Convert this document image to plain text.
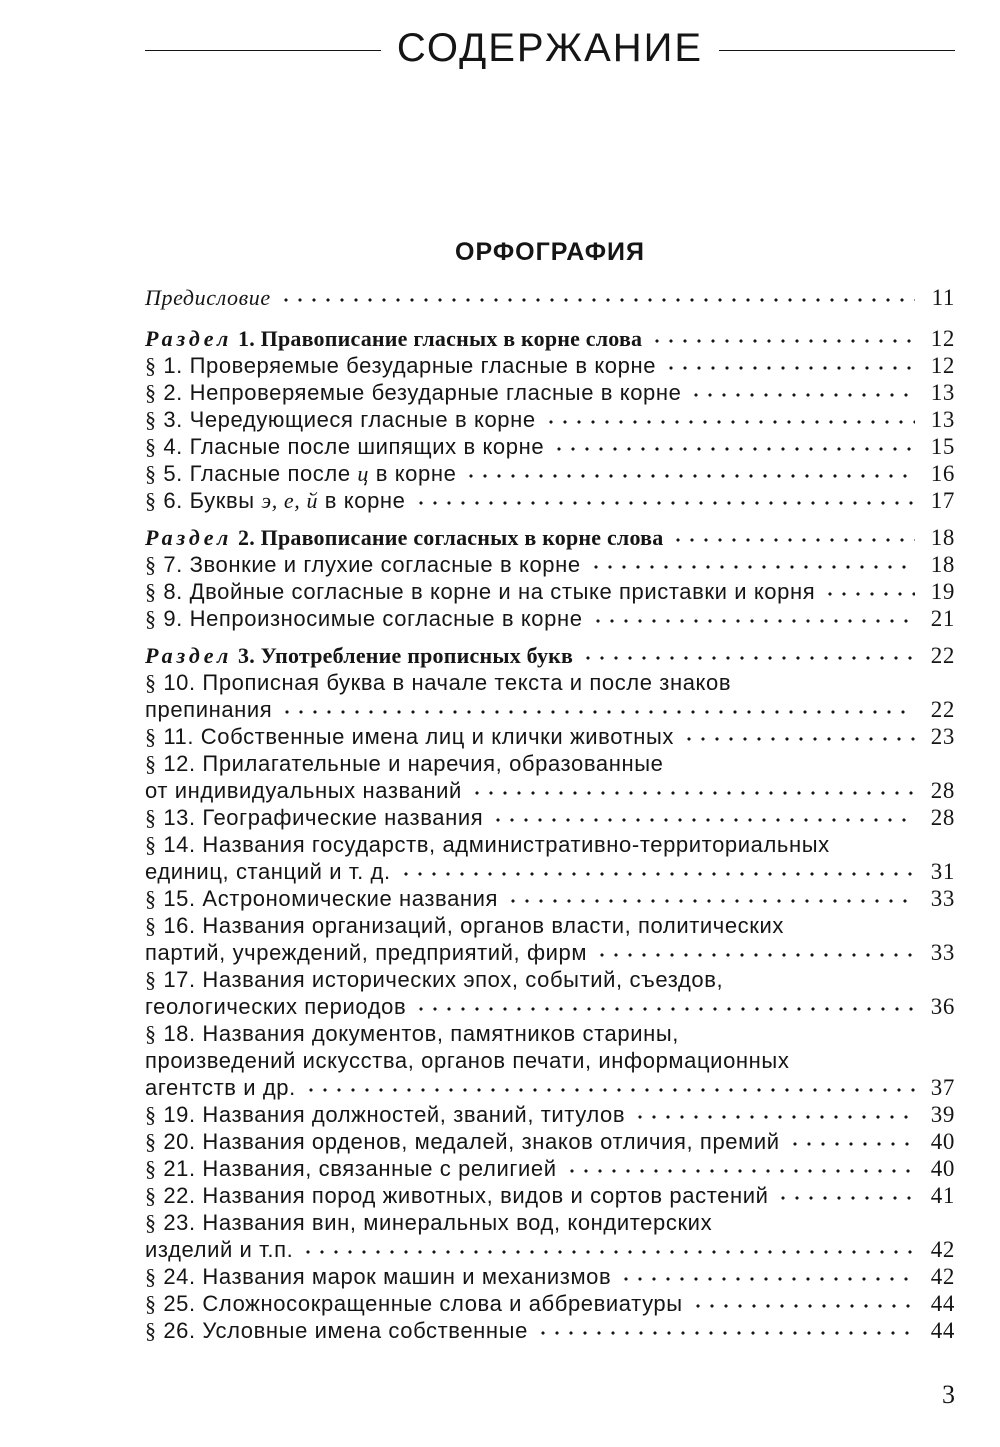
СОДЕРЖАНИЕ
ОРФОГРАФИЯ
Предисловие	11
Раздел 1. Правописание гласных в корне слова	12
§ 1. Проверяемые безударные гласные в корне	12
§ 2. Непроверяемые безударные гласные в корне	13
§ 3. Чередующиеся гласные в корне	13
§ 4. Гласные после шипящих в корне	15
§ 5. Гласные после ц в корне	16
§ 6. Буквы э, е, й в корне	17
Раздел 2. Правописание согласных в корне слова	18
§ 7. Звонкие и глухие согласные в корне	18
§ 8. Двойные согласные в корне и на стыке приставки и корня	19
§ 9. Непроизносимые согласные в корне	21
Раздел 3. Употребление прописных букв	22
§ 10. Прописная буква в начале текста и после знаков
препинания	22
§ 11. Собственные имена лиц и клички животных	23
§ 12. Прилагательные и наречия, образованные
от индивидуальных названий	28
§ 13. Географические названия	28
§ 14. Названия государств, административно-территориальных
единиц, станций и т. д.	31
§ 15. Астрономические названия	33
§ 16. Названия организаций, органов власти, политических
партий, учреждений, предприятий, фирм	33
§ 17. Названия исторических эпох, событий, съездов,
геологических периодов	36
§ 18. Названия документов, памятников старины,
произведений искусства, органов печати, информационных
агентств и др.	37
§ 19. Названия должностей, званий, титулов	39
§ 20. Названия орденов, медалей, знаков отличия, премий	40
§ 21. Названия, связанные с религией	40
§ 22. Названия пород животных, видов и сортов растений	41
§ 23. Названия вин, минеральных вод, кондитерских
изделий и т.п.	42
§ 24. Названия марок машин и механизмов	42
§ 25. Сложносокращенные слова и аббревиатуры	44
§ 26. Условные имена собственные	44
3
